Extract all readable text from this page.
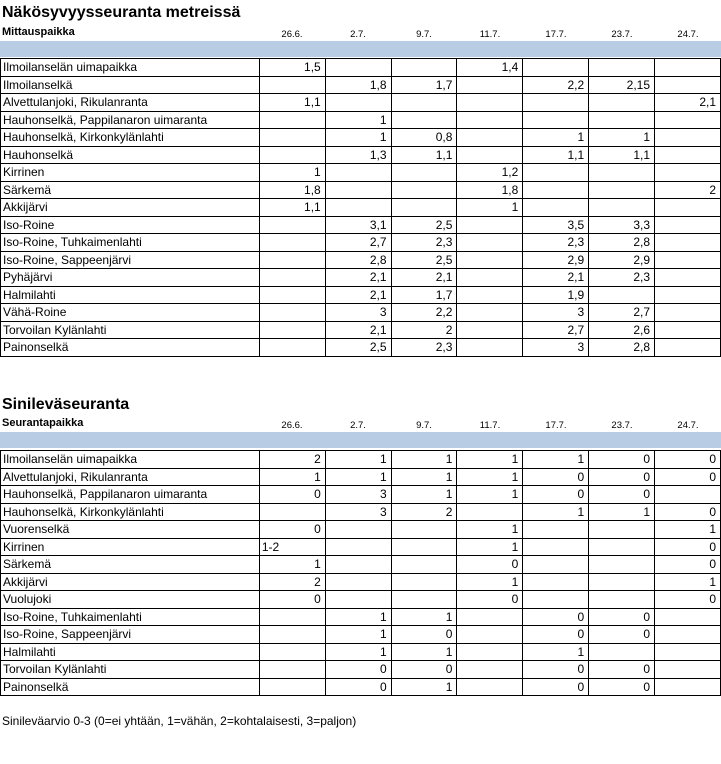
Näkösyvyysseuranta metreissä
Mittauspaikka	26.6.	2.7.	9.7.	11.7.	17.7.	23.7.	24.7.
Ilmoilanselän uimapaikka	1,5			1,4			
Ilmoilanselkä		1,8	1,7		2,2	2,15	
Alvettulanjoki, Rikulanranta	1,1						2,1
Hauhonselkä, Pappilanaron uimaranta		1					
Hauhonselkä, Kirkonkylänlahti		1	0,8		1	1	
Hauhonselkä		1,3	1,1		1,1	1,1	
Kirrinen	1			1,2			
Särkemä	1,8			1,8			2
Akkijärvi	1,1			1			
Iso-Roine		3,1	2,5		3,5	3,3	
Iso-Roine, Tuhkaimenlahti		2,7	2,3		2,3	2,8	
Iso-Roine, Sappeenjärvi		2,8	2,5		2,9	2,9	
Pyhäjärvi		2,1	2,1		2,1	2,3	
Halmilahti		2,1	1,7		1,9		
Vähä-Roine		3	2,2		3	2,7	
Torvoilan Kylänlahti		2,1	2		2,7	2,6	
Painonselkä		2,5	2,3		3	2,8	
Sinileväseuranta
Seurantapaikka	26.6.	2.7.	9.7.	11.7.	17.7.	23.7.	24.7.
Ilmoilanselän uimapaikka	2	1	1	1	1	0	0
Alvettulanjoki, Rikulanranta	1	1	1	1	0	0	0
Hauhonselkä, Pappilanaron uimaranta	0	3	1	1	0	0	
Hauhonselkä, Kirkonkylänlahti		3	2		1	1	0
Vuorenselkä	0			1			1
Kirrinen	1-2			1			0
Särkemä	1			0			0
Akkijärvi	2			1			1
Vuolujoki	0			0			0
Iso-Roine, Tuhkaimenlahti		1	1		0	0	
Iso-Roine, Sappeenjärvi		1	0		0	0	
Halmilahti		1	1		1		
Torvoilan Kylänlahti		0	0		0	0	
Painonselkä		0	1		0	0	
Sinileväarvio 0-3 (0=ei yhtään, 1=vähän, 2=kohtalaisesti, 3=paljon)
